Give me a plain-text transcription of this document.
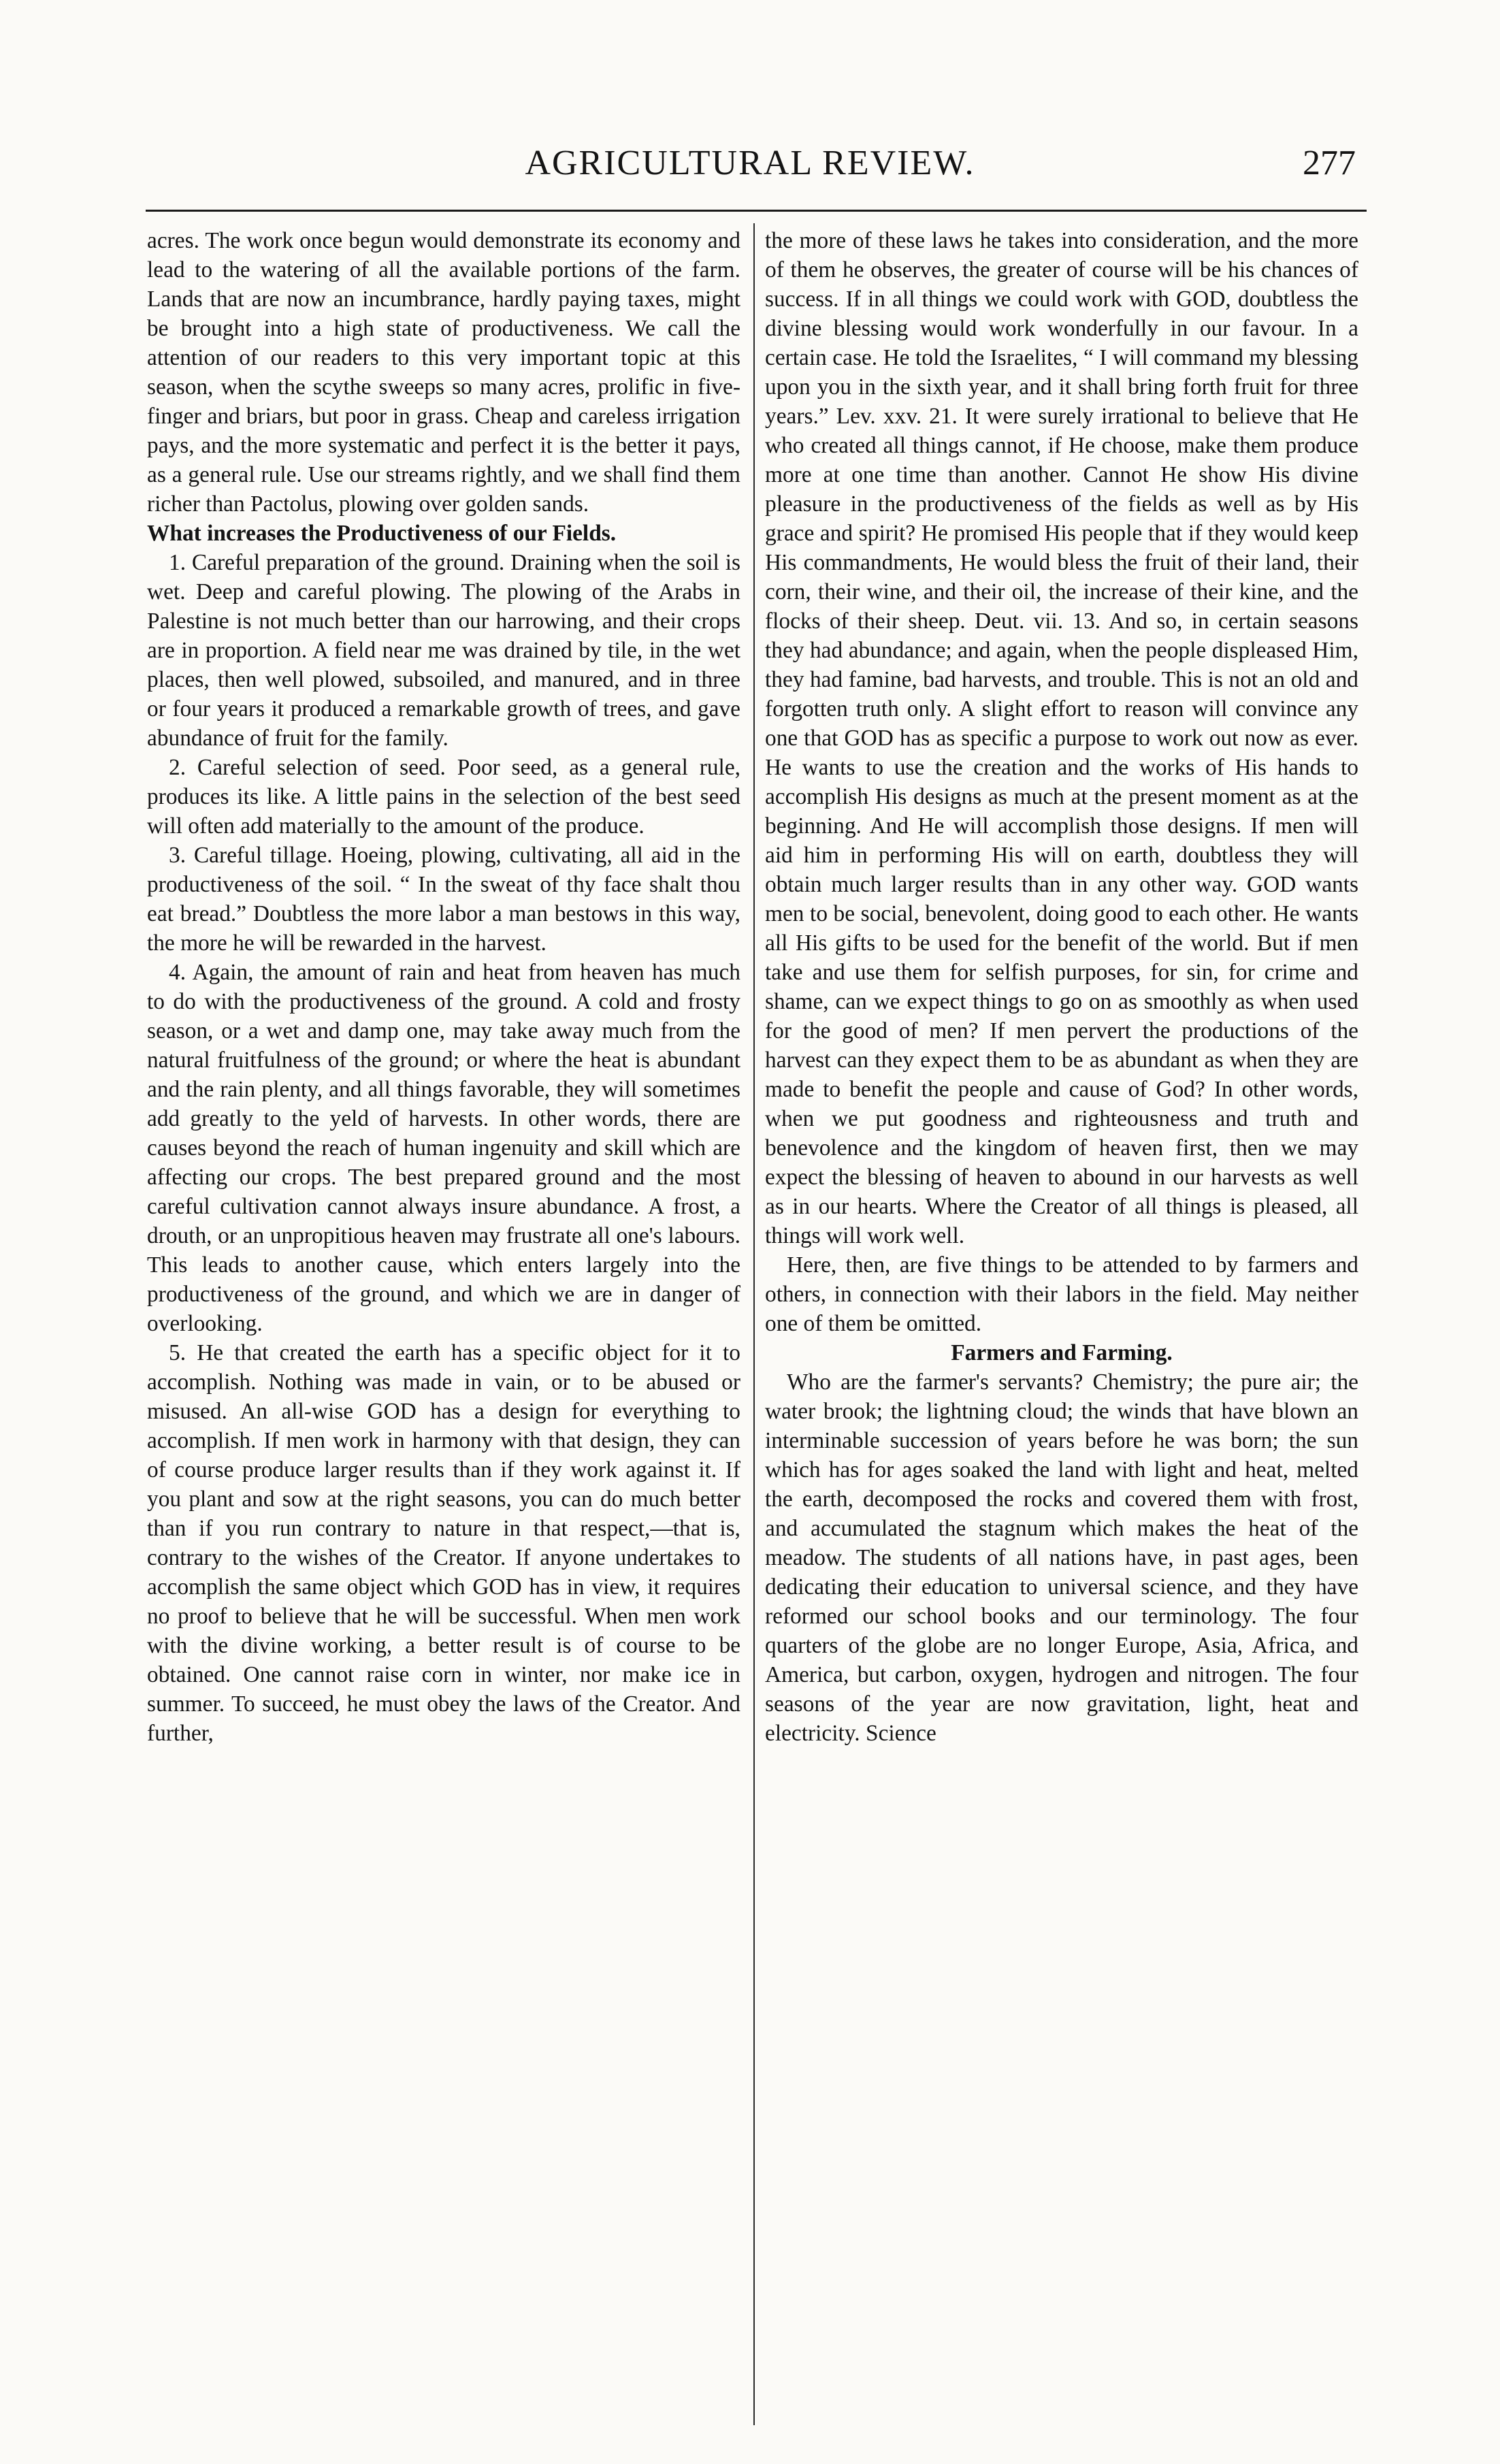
AGRICULTURAL REVIEW.	277

acres. The work once begun would demonstrate its economy and lead to the watering of all the available portions of the farm. Lands that are now an incumbrance, hardly paying taxes, might be brought into a high state of productiveness. We call the attention of our readers to this very important topic at this season, when the scythe sweeps so many acres, prolific in five-finger and briars, but poor in grass. Cheap and careless irrigation pays, and the more systematic and perfect it is the better it pays, as a general rule. Use our streams rightly, and we shall find them richer than Pactolus, plowing over golden sands.

What increases the Productiveness of our Fields.

1. Careful preparation of the ground. Draining when the soil is wet. Deep and careful plowing. The plowing of the Arabs in Palestine is not much better than our harrowing, and their crops are in proportion. A field near me was drained by tile, in the wet places, then well plowed, subsoiled, and manured, and in three or four years it produced a remarkable growth of trees, and gave abundance of fruit for the family.

2. Careful selection of seed. Poor seed, as a general rule, produces its like. A little pains in the selection of the best seed will often add materially to the amount of the produce.

3. Careful tillage. Hoeing, plowing, cultivating, all aid in the productiveness of the soil. “ In the sweat of thy face shalt thou eat bread.” Doubtless the more labor a man bestows in this way, the more he will be rewarded in the harvest.

4. Again, the amount of rain and heat from heaven has much to do with the productiveness of the ground. A cold and frosty season, or a wet and damp one, may take away much from the natural fruitfulness of the ground; or where the heat is abundant and the rain plenty, and all things favorable, they will sometimes add greatly to the yeld of harvests. In other words, there are causes beyond the reach of human ingenuity and skill which are affecting our crops. The best prepared ground and the most careful cultivation cannot always insure abundance. A frost, a drouth, or an unpropitious heaven may frustrate all one's labours. This leads to another cause, which enters largely into the productiveness of the ground, and which we are in danger of overlooking.

5. He that created the earth has a specific object for it to accomplish. Nothing was made in vain, or to be abused or misused. An all-wise GOD has a design for everything to accomplish. If men work in harmony with that design, they can of course produce larger results than if they work against it. If you plant and sow at the right seasons, you can do much better than if you run contrary to nature in that respect,—that is, contrary to the wishes of the Creator. If anyone undertakes to accomplish the same object which GOD has in view, it requires no proof to believe that he will be successful. When men work with the divine working, a better result is of course to be obtained. One cannot raise corn in winter, nor make ice in summer. To succeed, he must obey the laws of the Creator. And further,

the more of these laws he takes into consideration, and the more of them he observes, the greater of course will be his chances of success. If in all things we could work with GOD, doubtless the divine blessing would work wonderfully in our favour. In a certain case. He told the Israelites, “ I will command my blessing upon you in the sixth year, and it shall bring forth fruit for three years.” Lev. xxv. 21. It were surely irrational to believe that He who created all things cannot, if He choose, make them produce more at one time than another. Cannot He show His divine pleasure in the productiveness of the fields as well as by His grace and spirit? He promised His people that if they would keep His commandments, He would bless the fruit of their land, their corn, their wine, and their oil, the increase of their kine, and the flocks of their sheep. Deut. vii. 13. And so, in certain seasons they had abundance; and again, when the people displeased Him, they had famine, bad harvests, and trouble. This is not an old and forgotten truth only. A slight effort to reason will convince any one that GOD has as specific a purpose to work out now as ever. He wants to use the creation and the works of His hands to accomplish His designs as much at the present moment as at the beginning. And He will accomplish those designs. If men will aid him in performing His will on earth, doubtless they will obtain much larger results than in any other way. GOD wants men to be social, benevolent, doing good to each other. He wants all His gifts to be used for the benefit of the world. But if men take and use them for selfish purposes, for sin, for crime and shame, can we expect things to go on as smoothly as when used for the good of men? If men pervert the productions of the harvest can they expect them to be as abundant as when they are made to benefit the people and cause of God? In other words, when we put goodness and righteousness and truth and benevolence and the kingdom of heaven first, then we may expect the blessing of heaven to abound in our harvests as well as in our hearts. Where the Creator of all things is pleased, all things will work well.

Here, then, are five things to be attended to by farmers and others, in connection with their labors in the field. May neither one of them be omitted.

Farmers and Farming.

Who are the farmer's servants? Chemistry; the pure air; the water brook; the lightning cloud; the winds that have blown an interminable succession of years before he was born; the sun which has for ages soaked the land with light and heat, melted the earth, decomposed the rocks and covered them with frost, and accumulated the stagnum which makes the heat of the meadow. The students of all nations have, in past ages, been dedicating their education to universal science, and they have reformed our school books and our terminology. The four quarters of the globe are no longer Europe, Asia, Africa, and America, but carbon, oxygen, hydrogen and nitrogen. The four seasons of the year are now gravitation, light, heat and electricity. Science
